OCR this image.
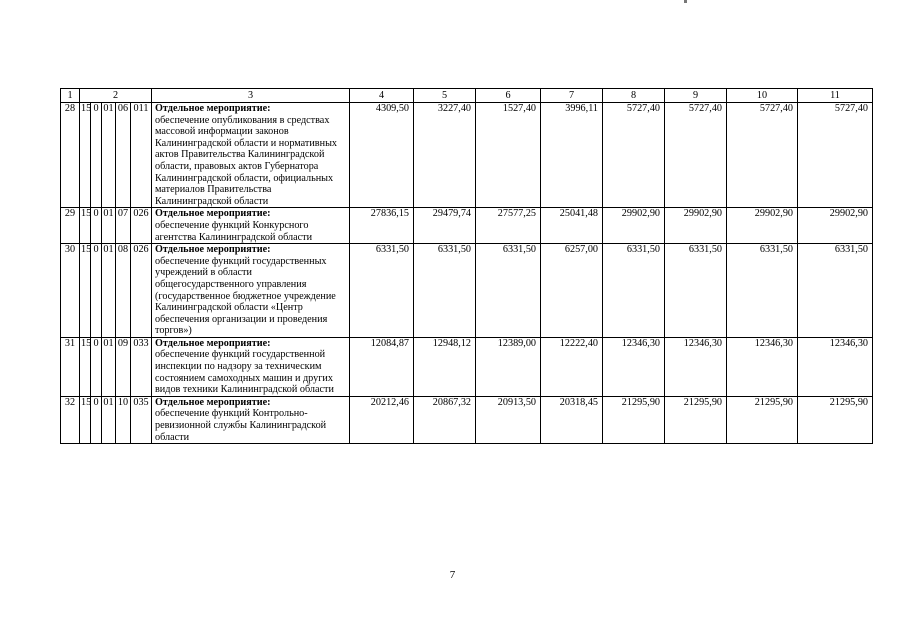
1	2					3	4	5	6	7	8	9	10	11
28	15	0	01	06	011	Отдельное мероприятие:
обеспечение опубликования в средствах массовой информации законов Калининградской области и нормативных актов Правительства Калининградской области, правовых актов Губернатора Калининградской области, официальных материалов Правительства Калининградской области	4309,50	3227,40	1527,40	3996,11	5727,40	5727,40	5727,40	5727,40
29	15	0	01	07	026	Отдельное мероприятие:
обеспечение функций Конкурсного агентства Калининградской области	27836,15	29479,74	27577,25	25041,48	29902,90	29902,90	29902,90	29902,90
30	15	0	01	08	026	Отдельное мероприятие:
обеспечение функций государственных учреждений в области общегосударственного управления (государственное бюджетное учреждение Калининградской области «Центр обеспечения организации и проведения торгов»)	6331,50	6331,50	6331,50	6257,00	6331,50	6331,50	6331,50	6331,50
31	15	0	01	09	033	Отдельное мероприятие:
обеспечение функций государственной инспекции по надзору за техническим состоянием самоходных машин и других видов техники Калининградской области	12084,87	12948,12	12389,00	12222,40	12346,30	12346,30	12346,30	12346,30
32	15	0	01	10	035	Отдельное мероприятие:
обеспечение функций Контрольно-ревизионной службы Калининградской области	20212,46	20867,32	20913,50	20318,45	21295,90	21295,90	21295,90	21295,90
7
